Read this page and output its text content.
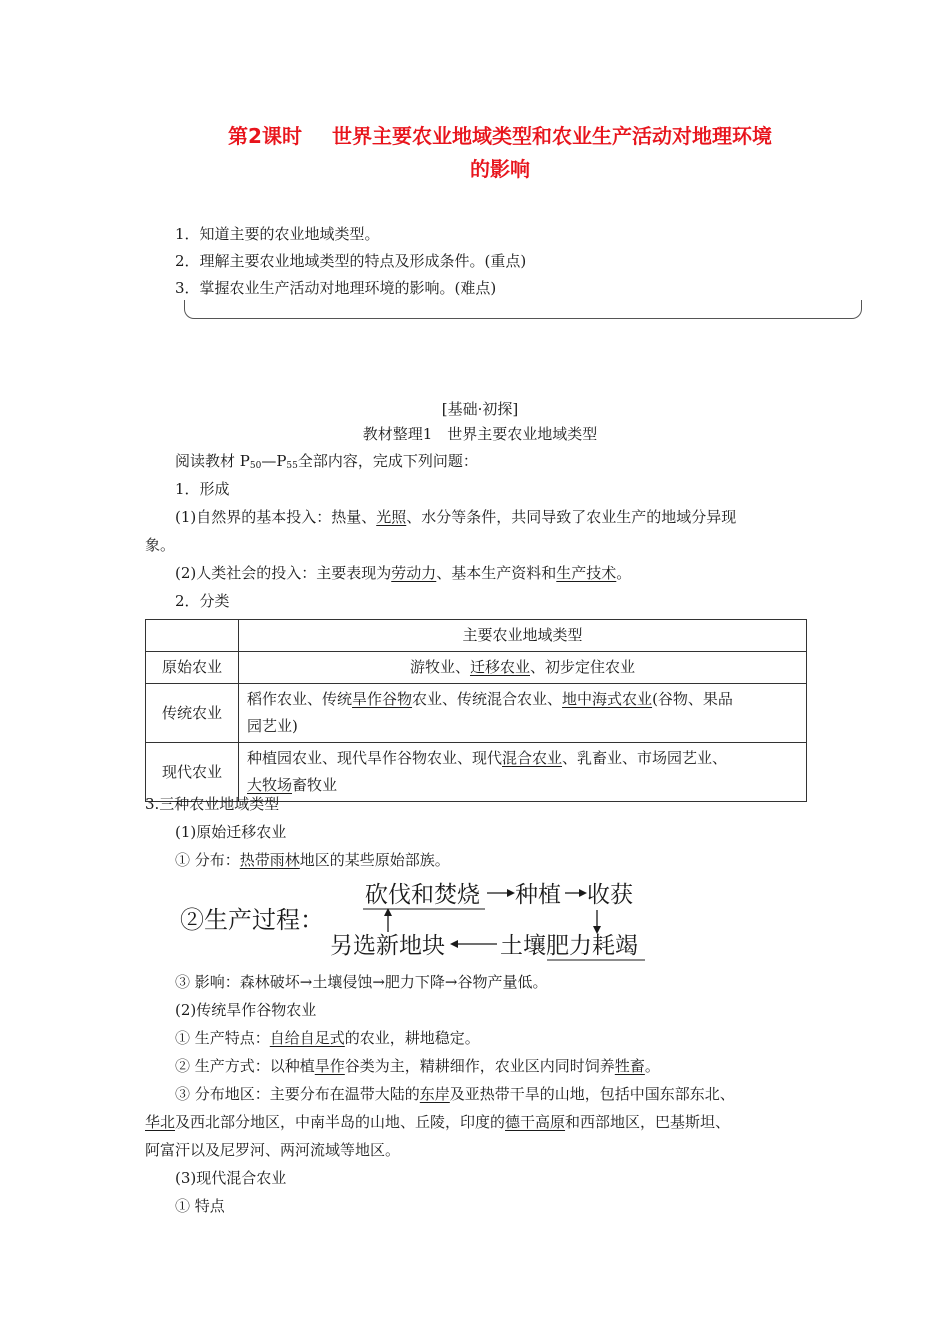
第2课时 世界主要农业地域类型和农业生产活动对地理环境
的影响
1．知道主要的农业地域类型。
2．理解主要农业地域类型的特点及形成条件。(重点)
3．掌握农业生产活动对地理环境的影响。(难点)
[基础·初探]
教材整理1　世界主要农业地域类型
阅读教材 $P_{50}—P_{55}$全部内容，完成下列问题：
1．形成
(1)自然界的基本投入：热量、光照、水分等条件，共同导致了农业生产的地域分异现
象。
(2)人类社会的投入：主要表现为劳动力、基本生产资料和生产技术。
2．分类
	主要农业地域类型
原始农业	游牧业、迁移农业、初步定住农业
传统农业	稻作农业、传统旱作谷物农业、传统混合农业、地中海式农业(谷物、果品
园艺业)
现代农业	种植园农业、现代旱作谷物农业、现代混合农业、乳畜业、市场园艺业、
大牧场畜牧业
3.三种农业地域类型
(1)原始迁移农业
① 分布：热带雨林地区的某些原始部族。
②生产过程：
砍伐和焚烧 种植 收获
土壤肥力耗竭
另选新地块
③ 影响：森林破坏→土壤侵蚀→肥力下降→谷物产量低。
(2)传统旱作谷物农业
① 生产特点：自给自足式的农业，耕地稳定。
② 生产方式：以种植旱作谷类为主，精耕细作，农业区内同时饲养牲畜。
③ 分布地区：主要分布在温带大陆的东岸及亚热带干旱的山地，包括中国东部东北、
华北及西北部分地区，中南半岛的山地、丘陵，印度的德干高原和西部地区，巴基斯坦、
阿富汗以及尼罗河、两河流域等地区。
(3)现代混合农业
① 特点
